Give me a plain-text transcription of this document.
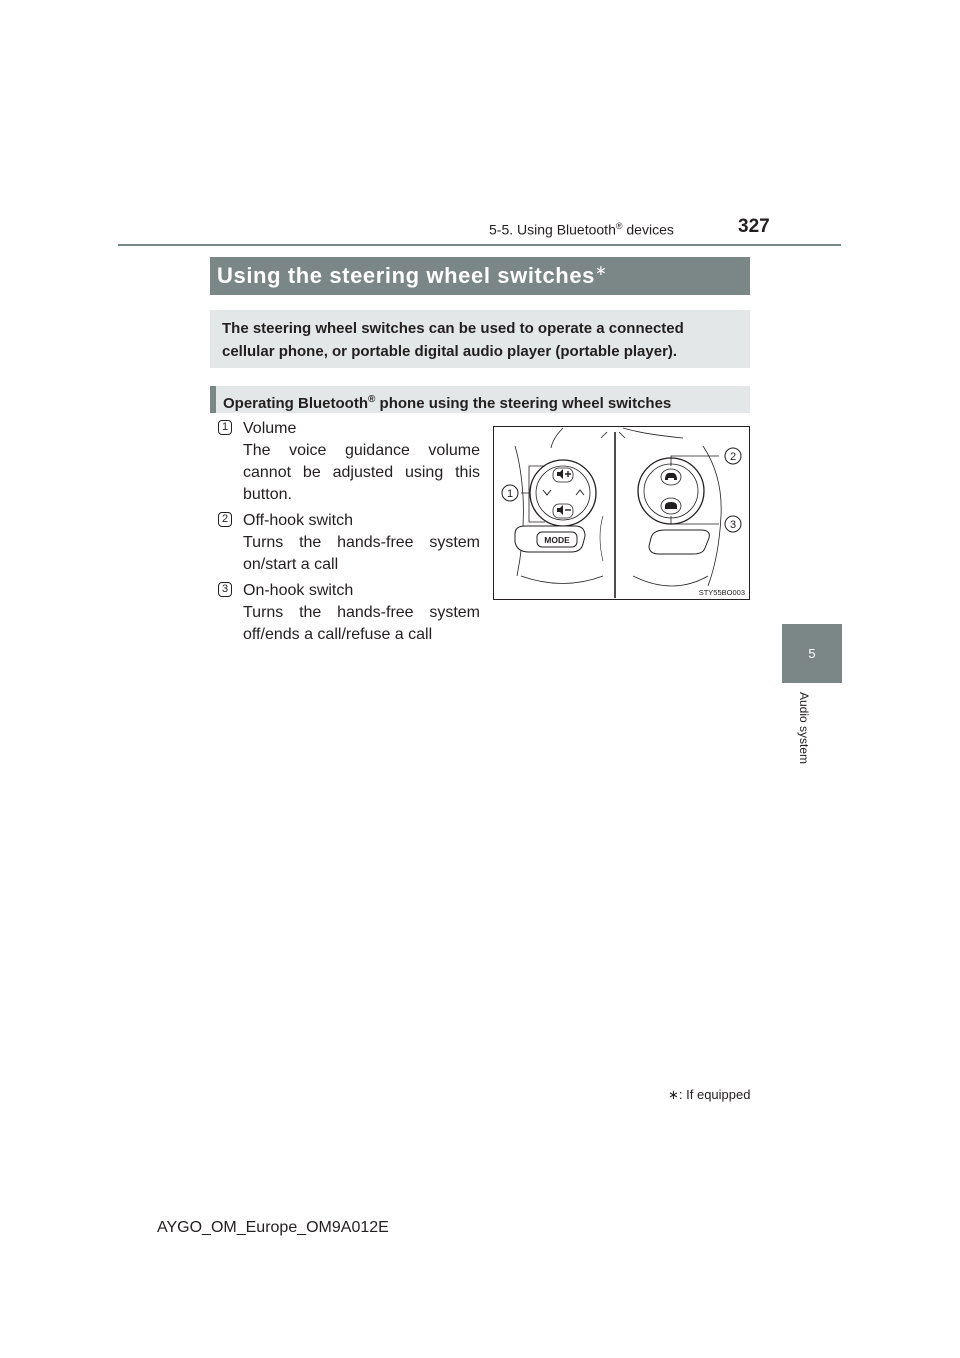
327
5-5. Using Bluetooth® devices
5
Audio system
Using the steering wheel switches∗
The steering wheel switches can be used to operate a connected cellular phone, or portable digital audio player (portable player).
Operating Bluetooth® phone using the steering wheel switches
1 Volume
The voice guidance volume cannot be adjusted using this button.
2 Off-hook switch
Turns the hands-free system on/start a call
3 On-hook switch
Turns the hands-free system off/ends a call/refuse a call
MODE
1
2
3
STY55BO003
∗: If equipped
AYGO_OM_Europe_OM9A012E
